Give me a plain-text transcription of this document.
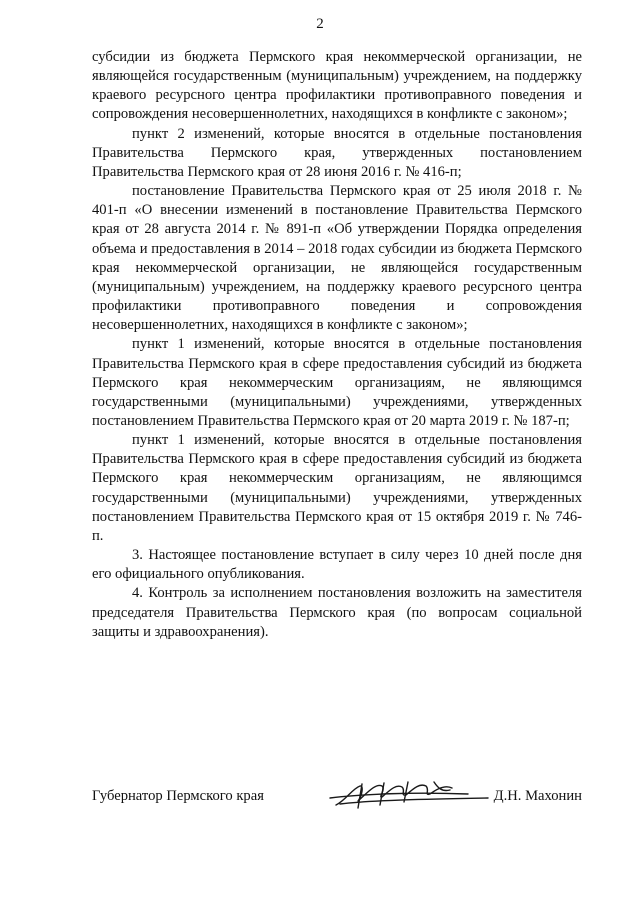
2

субсидии из бюджета Пермского края некоммерческой организации, не являющейся государственным (муниципальным) учреждением, на поддержку краевого ресурсного центра профилактики противоправного поведения и сопровождения несовершеннолетних, находящихся в конфликте с законом»;

пункт 2 изменений, которые вносятся в отдельные постановления Правительства Пермского края, утвержденных постановлением Правительства Пермского края от 28 июня 2016 г. № 416-п;

постановление Правительства Пермского края от 25 июля 2018 г. № 401-п «О внесении изменений в постановление Правительства Пермского края от 28 августа 2014 г. № 891-п «Об утверждении Порядка определения объема и предоставления в 2014 – 2018 годах субсидии из бюджета Пермского края некоммерческой организации, не являющейся государственным (муниципальным) учреждением, на поддержку краевого ресурсного центра профилактики противоправного поведения и сопровождения несовершеннолетних, находящихся в конфликте с законом»;

пункт 1 изменений, которые вносятся в отдельные постановления Правительства Пермского края в сфере предоставления субсидий из бюджета Пермского края некоммерческим организациям, не являющимся государственными (муниципальными) учреждениями, утвержденных постановлением Правительства Пермского края от 20 марта 2019 г. № 187-п;

пункт 1 изменений, которые вносятся в отдельные постановления Правительства Пермского края в сфере предоставления субсидий из бюджета Пермского края некоммерческим организациям, не являющимся государственными (муниципальными) учреждениями, утвержденных постановлением Правительства Пермского края от 15 октября 2019 г. № 746-п.

3. Настоящее постановление вступает в силу через 10 дней после дня его официального опубликования.

4. Контроль за исполнением постановления возложить на заместителя председателя Правительства Пермского края (по вопросам социальной защиты и здравоохранения).

Губернатор Пермского края	Д.Н. Махонин
